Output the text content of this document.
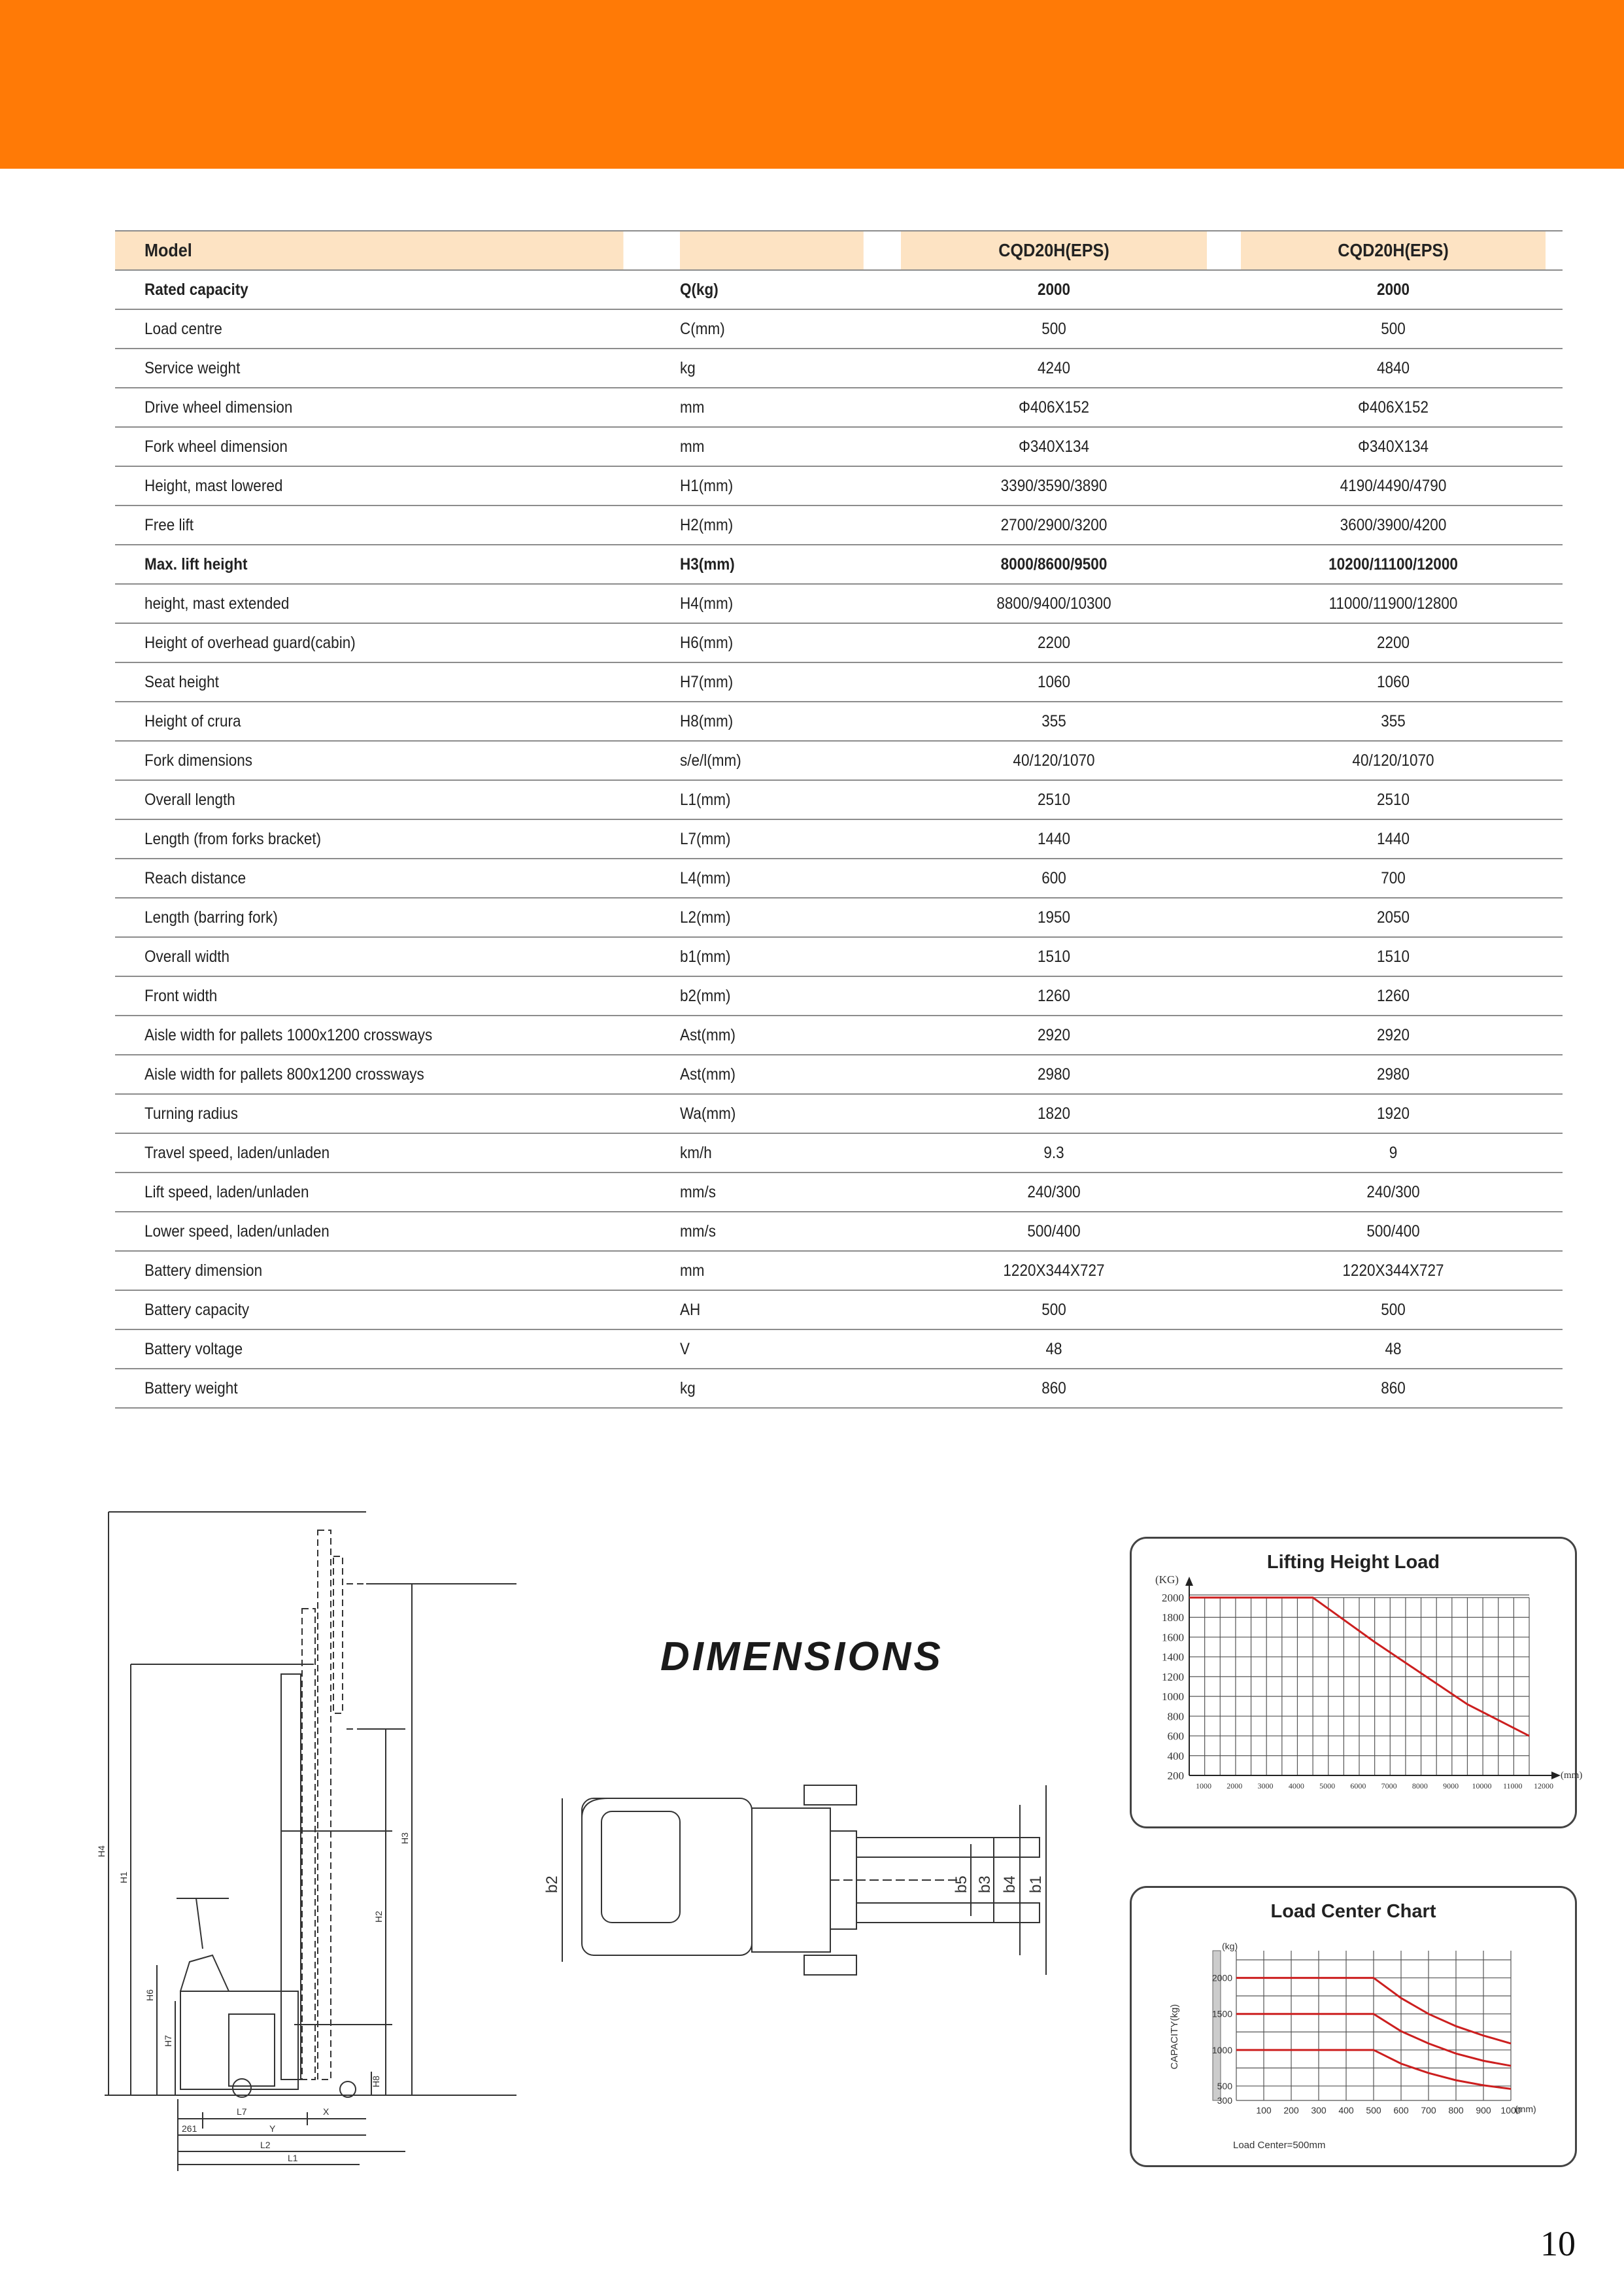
Model		CQD20H(EPS)	CQD20H(EPS)
Rated capacity	Q(kg)	2000	2000
Load centre	C(mm)	500	500
Service weight	kg	4240	4840
Drive wheel dimension	mm	Φ406X152	Φ406X152
Fork wheel dimension	mm	Φ340X134	Φ340X134
Height, mast lowered	H1(mm)	3390/3590/3890	4190/4490/4790
Free lift	H2(mm)	2700/2900/3200	3600/3900/4200
Max. lift height	H3(mm)	8000/8600/9500	10200/11100/12000
height, mast extended	H4(mm)	8800/9400/10300	11000/11900/12800
Height of overhead guard(cabin)	H6(mm)	2200	2200
Seat height	H7(mm)	1060	1060
Height of crura	H8(mm)	355	355
Fork dimensions	s/e/l(mm)	40/120/1070	40/120/1070
Overall length	L1(mm)	2510	2510
Length (from forks bracket)	L7(mm)	1440	1440
Reach distance	L4(mm)	600	700
Length (barring fork)	L2(mm)	1950	2050
Overall width	b1(mm)	1510	1510
Front width	b2(mm)	1260	1260
Aisle width for pallets 1000x1200 crossways	Ast(mm)	2920	2920
Aisle width for pallets 800x1200 crossways	Ast(mm)	2980	2980
Turning radius	Wa(mm)	1820	1920
Travel speed, laden/unladen	km/h	9.3	9
Lift speed, laden/unladen	mm/s	240/300	240/300
Lower speed, laden/unladen	mm/s	500/400	500/400
Battery dimension	mm	1220X344X727	1220X344X727
Battery capacity	AH	500	500
Battery voltage	V	48	48
Battery weight	kg	860	860
H4
H1
H3
H2
H6
H7
H8
L7	X
Y
261
L2
L1
DIMENSIONS
b2	b5 b3 b4 b1
Lifting Height Load
2000
1800
1600
1400
1200
1000
800
600
400
200
(KG)
(mm)
1000 2000 3000 4000 5000 6000 7000 8000 9000 10000 11000 12000
Load Center Chart
2000
1500
1000
500
300
(kg)
CAPACITY(kg)
100 200 300 400 500 600 700 800 900 1000
(mm)
Load Center=500mm
10
